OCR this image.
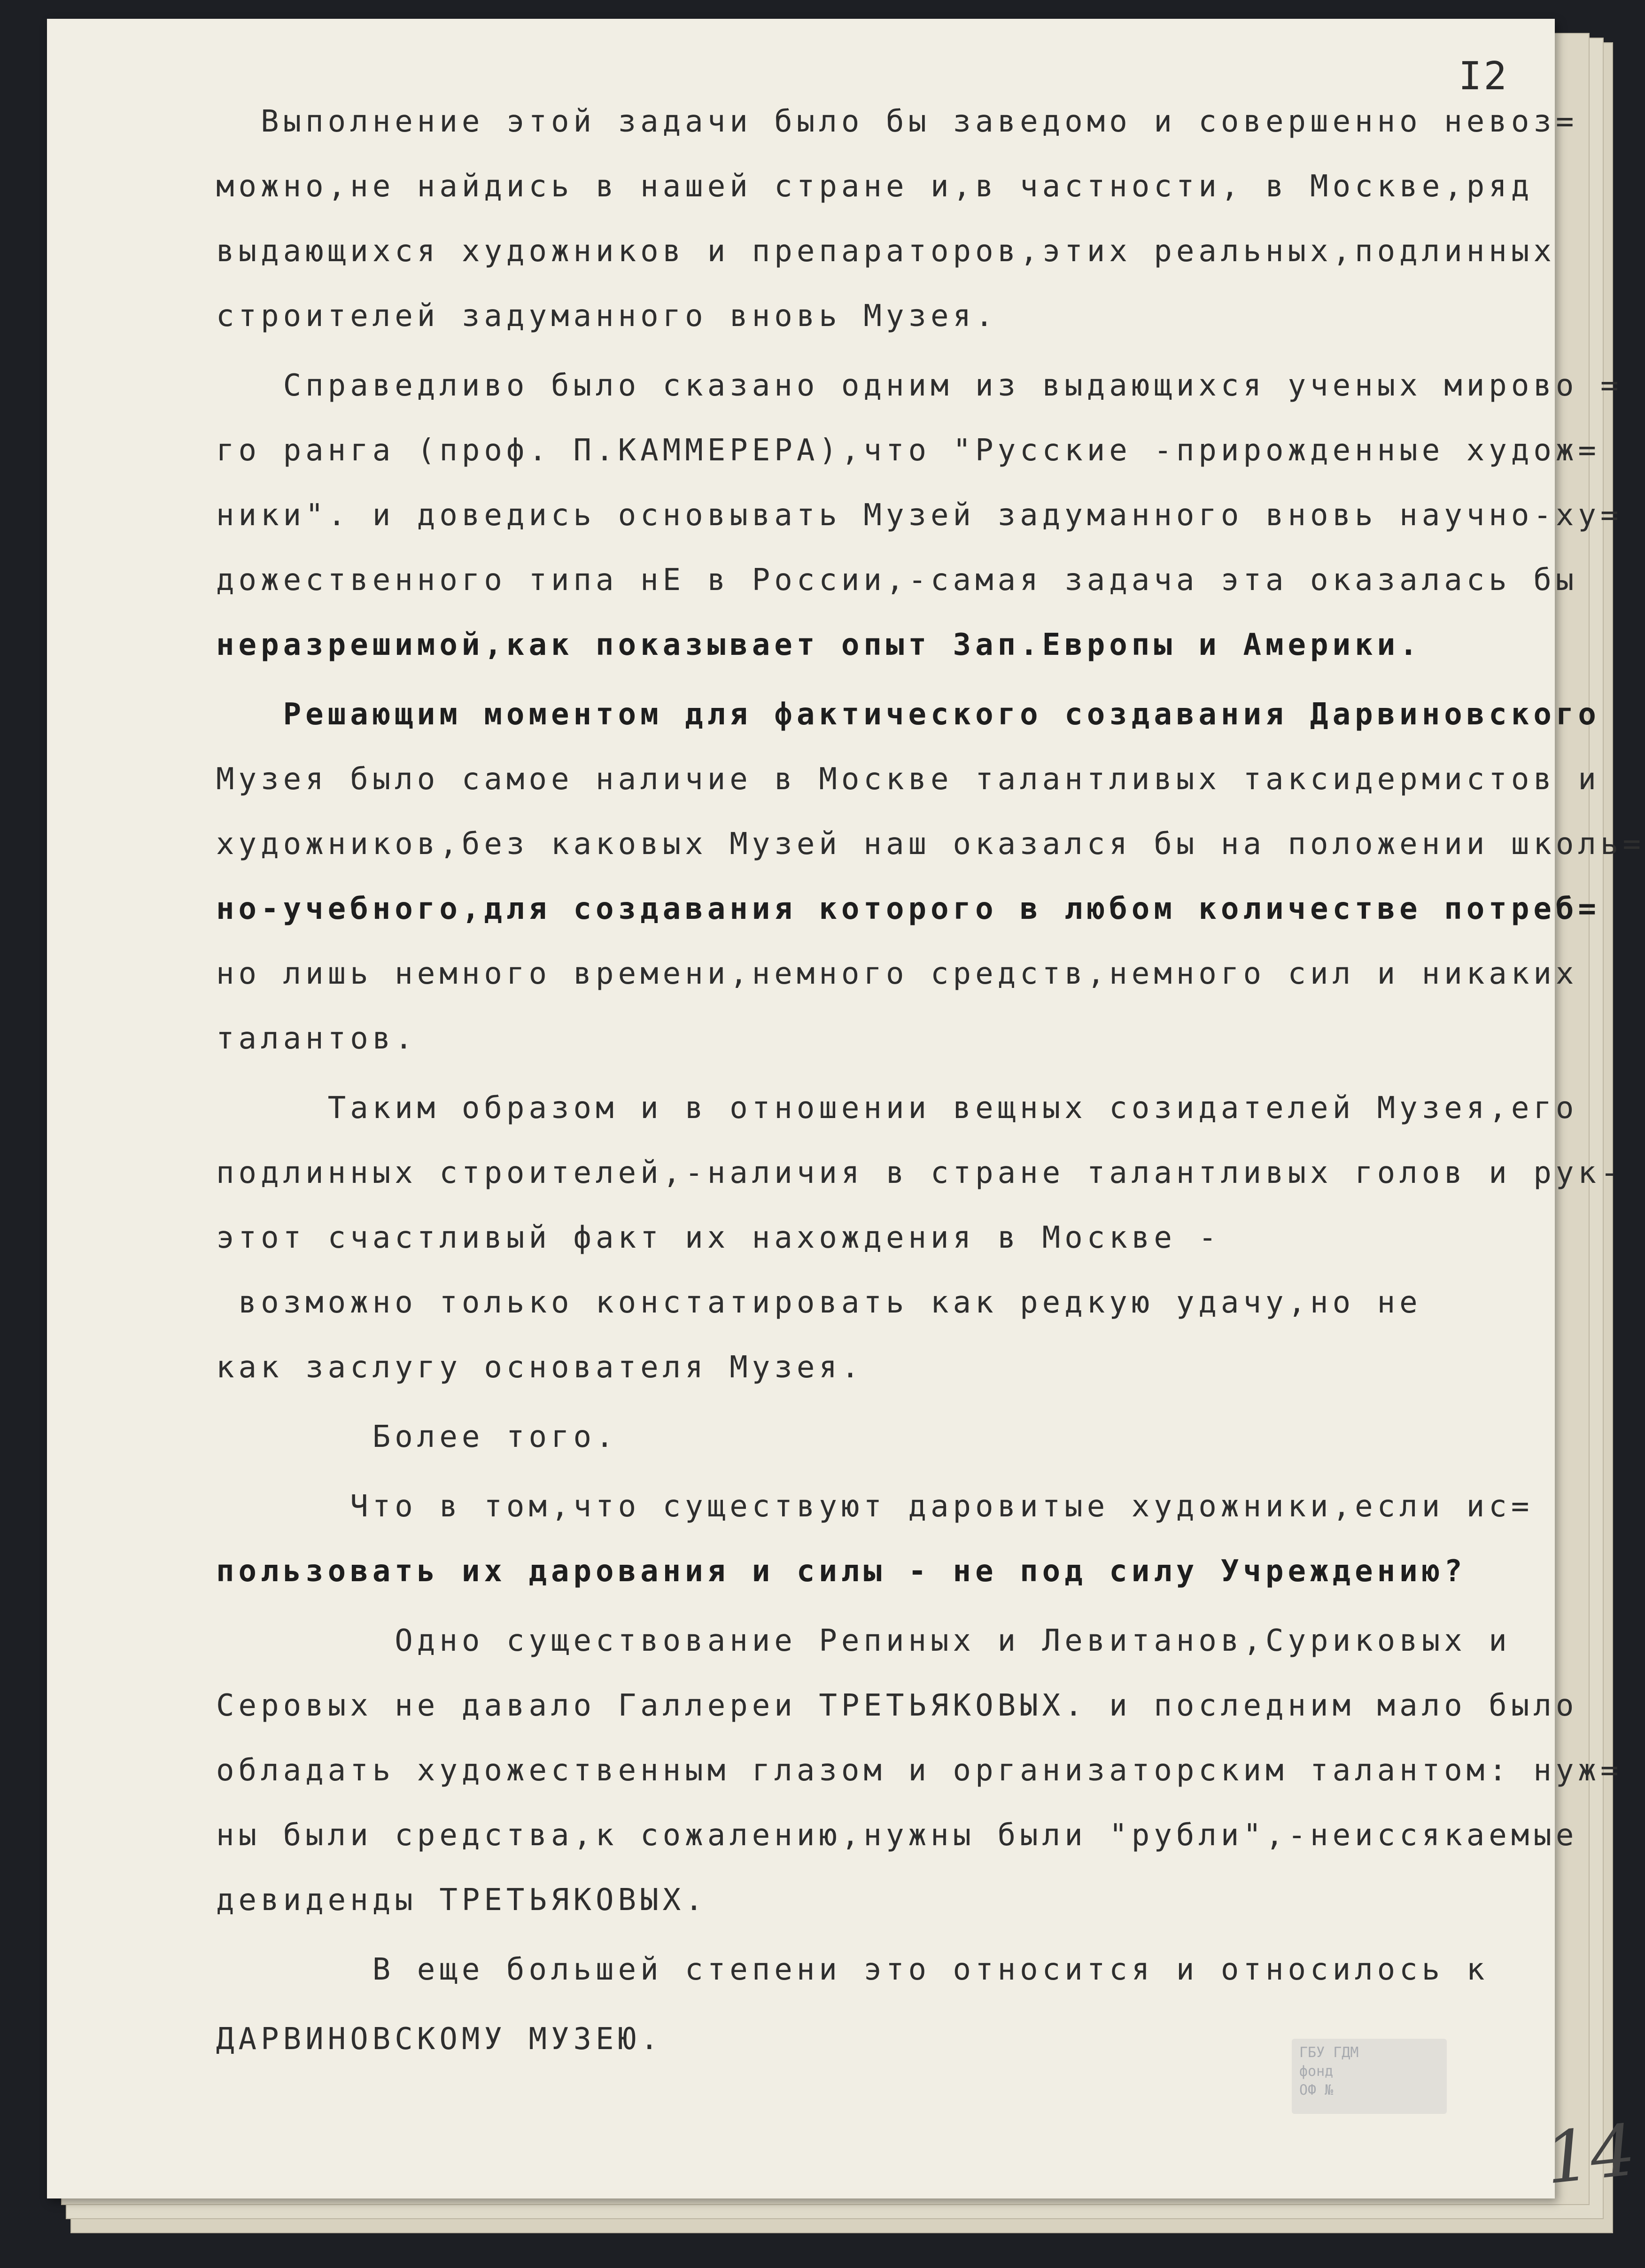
I2
Выполнение этой задачи было бы заведомо и совершенно невоз=
можно,не найдись в нашей стране и,в частности, в Москве,ряд
выдающихся художников и препараторов,этих реальных,подлинных
строителей задуманного вновь Музея.
Справедливо было сказано одним из выдающихся ученых мирово =
го ранга (проф. П.КАММЕРЕРА),что "Русские -прирожденные худож=
ники". и доведись основывать Музей задуманного вновь научно-ху=
дожественного типа нЕ в России,-самая задача эта оказалась бы
неразрешимой,как показывает опыт Зап.Европы и Америки.
Решающим моментом для фактического создавания Дарвиновского
Музея было самое наличие в Москве талантливых таксидермистов и
художников,без каковых Музей наш оказался бы на положении школь=
но-учебного,для создавания которого в любом количестве потреб=
но лишь немного времени,немного средств,немного сил и никаких
талантов.
Таким образом и в отношении вещных созидателей Музея,его
подлинных строителей,-наличия в стране талантливых голов и рук-
этот счастливый факт их нахождения в Москве -
возможно только констатировать как редкую удачу,но не
как заслугу основателя Музея.
Более того.
Что в том,что существуют даровитые художники,если ис=
пользовать их дарования и силы - не под силу Учреждению?
Одно существование Репиных и Левитанов,Суриковых и
Серовых не давало Галлереи ТРЕТЬЯКОВЫХ. и последним мало было
обладать художественным глазом и организаторским талантом: нуж=
ны были средства,к сожалению,нужны были "рубли",-неиссякаемые
девиденды ТРЕТЬЯКОВЫХ.
В еще большей степени это относится и относилось к
ДАРВИНОВСКОМУ МУЗЕЮ.	ГБУ ГДМ
фонд
ОФ №
14
